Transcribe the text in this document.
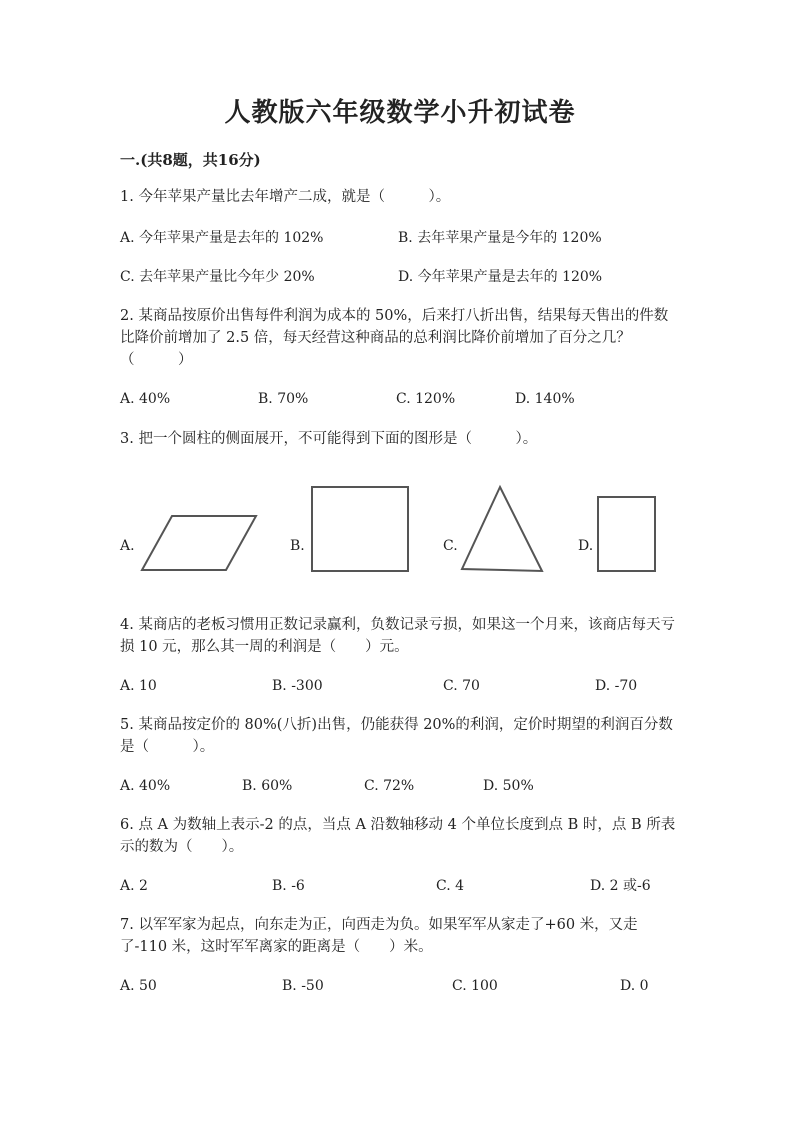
人教版六年级数学小升初试卷
一.(共8题，共16分)
1. 今年苹果产量比去年增产二成，就是（　　　）。
A. 今年苹果产量是去年的 102%	B. 去年苹果产量是今年的 120%
C. 去年苹果产量比今年少 20%	D. 今年苹果产量是去年的 120%
2. 某商品按原价出售每件利润为成本的 50%，后来打八折出售，结果每天售出的件数比降价前增加了 2.5 倍，每天经营这种商品的总利润比降价前增加了百分之几？（　　　）
A. 40%	B. 70%	C. 120%	D. 140%
3. 把一个圆柱的侧面展开，不可能得到下面的图形是（　　　）。
A.	B.	C.	D.
4. 某商店的老板习惯用正数记录赢利，负数记录亏损，如果这一个月来，该商店每天亏损 10 元，那么其一周的利润是（　　）元。
A. 10	B. -300	C. 70	D. -70
5. 某商品按定价的 80%(八折)出售，仍能获得 20%的利润，定价时期望的利润百分数是（　　　）。
A. 40%	B. 60%	C. 72%	D. 50%
6. 点 A 为数轴上表示-2 的点，当点 A 沿数轴移动 4 个单位长度到点 B 时，点 B 所表示的数为（　　）。
A. 2	B. -6	C. 4	D. 2 或-6
7. 以军军家为起点，向东走为正，向西走为负。如果军军从家走了+60 米，又走了-110 米，这时军军离家的距离是（　　）米。
A. 50	B. -50	C. 100	D. 0
